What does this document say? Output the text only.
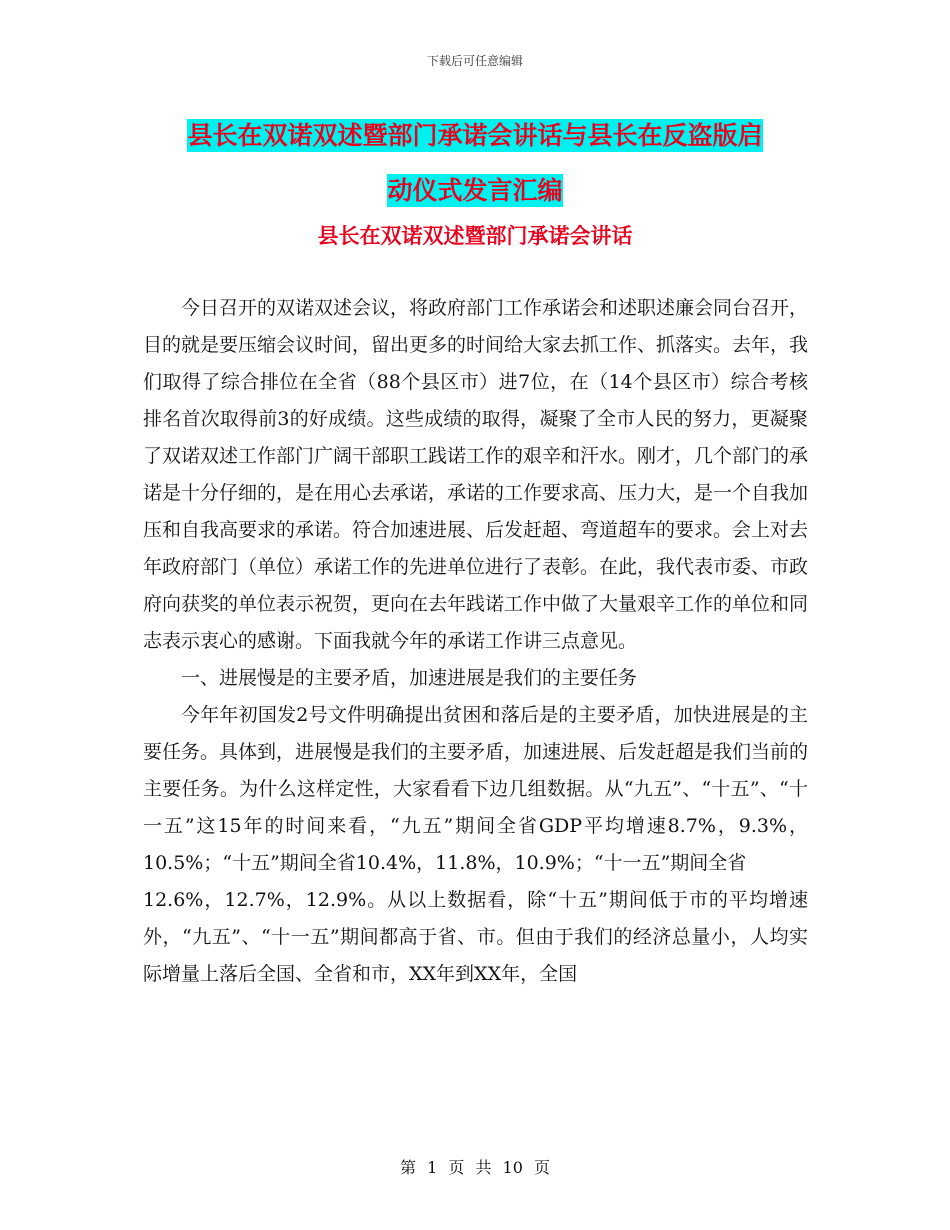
下载后可任意编辑
县长在双诺双述暨部门承诺会讲话与县长在反盗版启
动仪式发言汇编
县长在双诺双述暨部门承诺会讲话

今日召开的双诺双述会议，将政府部门工作承诺会和述职述廉会同台召开，目的就是要压缩会议时间，留出更多的时间给大家去抓工作、抓落实。去年，我们取得了综合排位在全省（88个县区市）进7位，在（14个县区市）综合考核排名首次取得前3的好成绩。这些成绩的取得，凝聚了全市人民的努力，更凝聚了双诺双述工作部门广阔干部职工践诺工作的艰辛和汗水。刚才，几个部门的承诺是十分仔细的，是在用心去承诺，承诺的工作要求高、压力大，是一个自我加压和自我高要求的承诺。符合加速进展、后发赶超、弯道超车的要求。会上对去年政府部门（单位）承诺工作的先进单位进行了表彰。在此，我代表市委、市政府向获奖的单位表示祝贺，更向在去年践诺工作中做了大量艰辛工作的单位和同志表示衷心的感谢。下面我就今年的承诺工作讲三点意见。

一、进展慢是的主要矛盾，加速进展是我们的主要任务

今年年初国发2号文件明确提出贫困和落后是的主要矛盾，加快进展是的主要任务。具体到，进展慢是我们的主要矛盾，加速进展、后发赶超是我们当前的主要任务。为什么这样定性，大家看看下边几组数据。从“九五”、“十五”、“十一五”这15年的时间来看，“九五”期间全省GDP平均增速8.7%，9.3%，10.5%；“十五”期间全省10.4%，11.8%，10.9%；“十一五”期间全省

12.6%，12.7%，12.9%。从以上数据看，除“十五”期间低于市的平均增速外，“九五”、“十一五”期间都高于省、市。但由于我们的经济总量小，人均实际增量上落后全国、全省和市，XX年到XX年，全国

第 1 页 共 10 页
